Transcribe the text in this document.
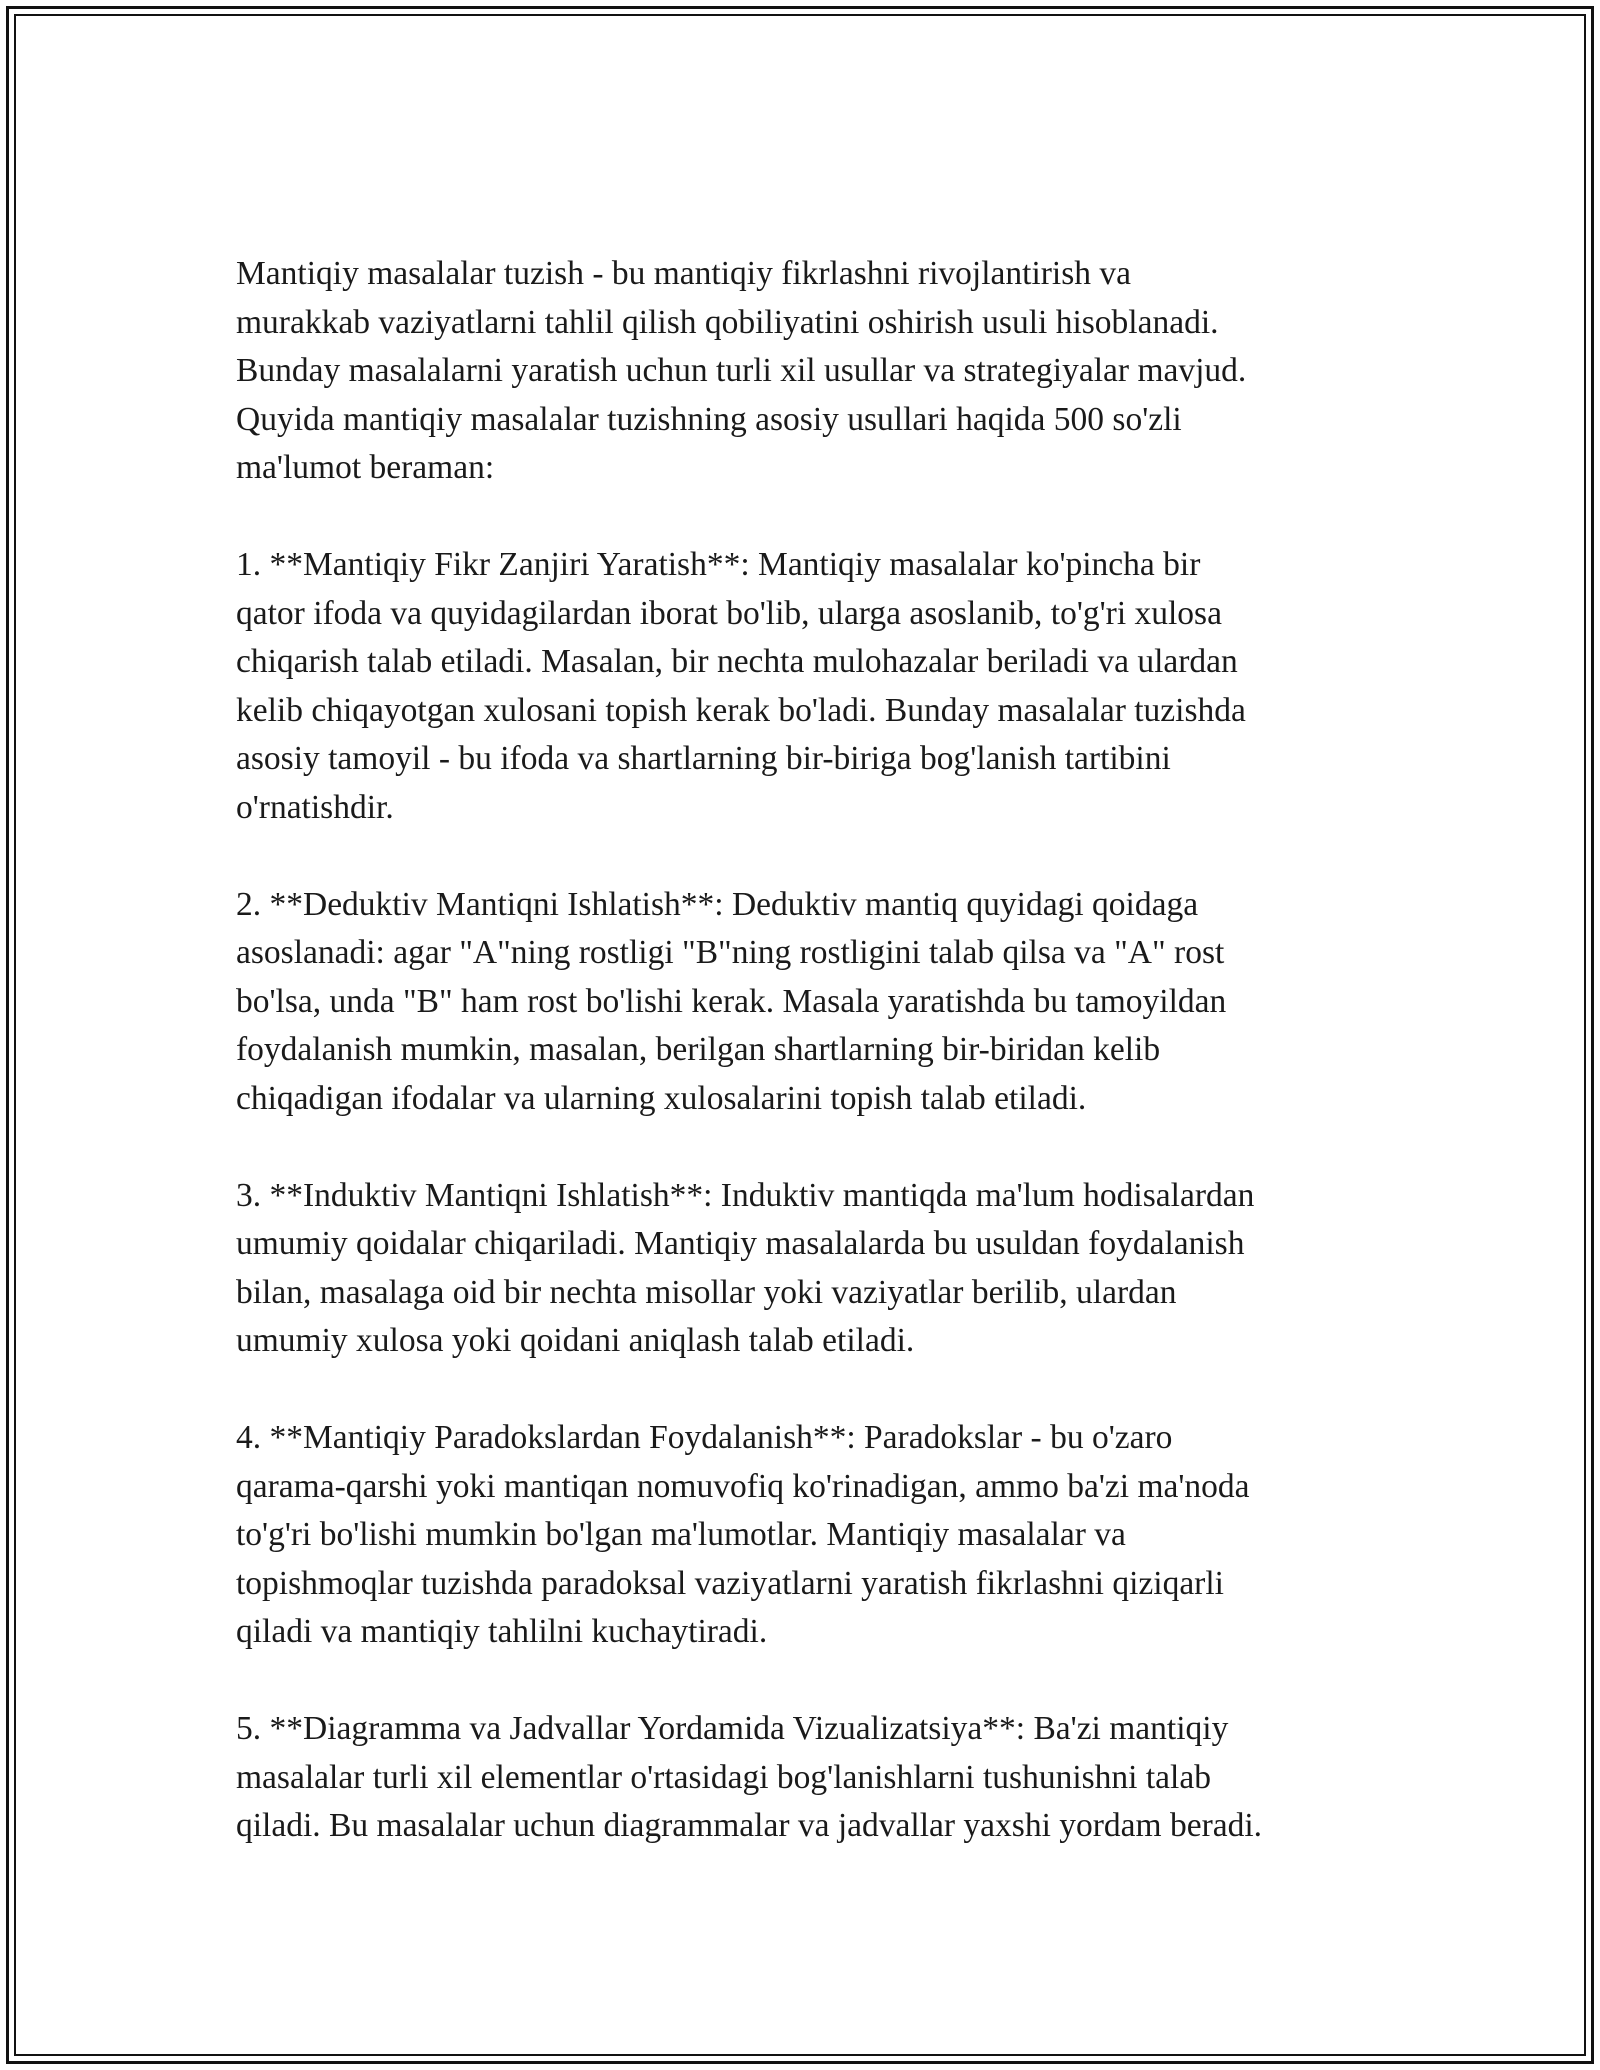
Mantiqiy masalalar tuzish - bu mantiqiy fikrlashni rivojlantirish va
murakkab vaziyatlarni tahlil qilish qobiliyatini oshirish usuli hisoblanadi.
Bunday masalalarni yaratish uchun turli xil usullar va strategiyalar mavjud.
Quyida mantiqiy masalalar tuzishning asosiy usullari haqida 500 so'zli
ma'lumot beraman:

1. **Mantiqiy Fikr Zanjiri Yaratish**: Mantiqiy masalalar ko'pincha bir
qator ifoda va quyidagilardan iborat bo'lib, ularga asoslanib, to'g'ri xulosa
chiqarish talab etiladi. Masalan, bir nechta mulohazalar beriladi va ulardan
kelib chiqayotgan xulosani topish kerak bo'ladi. Bunday masalalar tuzishda
asosiy tamoyil - bu ifoda va shartlarning bir-biriga bog'lanish tartibini
o'rnatishdir.

2. **Deduktiv Mantiqni Ishlatish**: Deduktiv mantiq quyidagi qoidaga
asoslanadi: agar "A"ning rostligi "B"ning rostligini talab qilsa va "A" rost
bo'lsa, unda "B" ham rost bo'lishi kerak. Masala yaratishda bu tamoyildan
foydalanish mumkin, masalan, berilgan shartlarning bir-biridan kelib
chiqadigan ifodalar va ularning xulosalarini topish talab etiladi.

3. **Induktiv Mantiqni Ishlatish**: Induktiv mantiqda ma'lum hodisalardan
umumiy qoidalar chiqariladi. Mantiqiy masalalarda bu usuldan foydalanish
bilan, masalaga oid bir nechta misollar yoki vaziyatlar berilib, ulardan
umumiy xulosa yoki qoidani aniqlash talab etiladi.

4. **Mantiqiy Paradokslardan Foydalanish**: Paradokslar - bu o'zaro
qarama-qarshi yoki mantiqan nomuvofiq ko'rinadigan, ammo ba'zi ma'noda
to'g'ri bo'lishi mumkin bo'lgan ma'lumotlar. Mantiqiy masalalar va
topishmoqlar tuzishda paradoksal vaziyatlarni yaratish fikrlashni qiziqarli
qiladi va mantiqiy tahlilni kuchaytiradi.

5. **Diagramma va Jadvallar Yordamida Vizualizatsiya**: Ba'zi mantiqiy
masalalar turli xil elementlar o'rtasidagi bog'lanishlarni tushunishni talab
qiladi. Bu masalalar uchun diagrammalar va jadvallar yaxshi yordam beradi.
